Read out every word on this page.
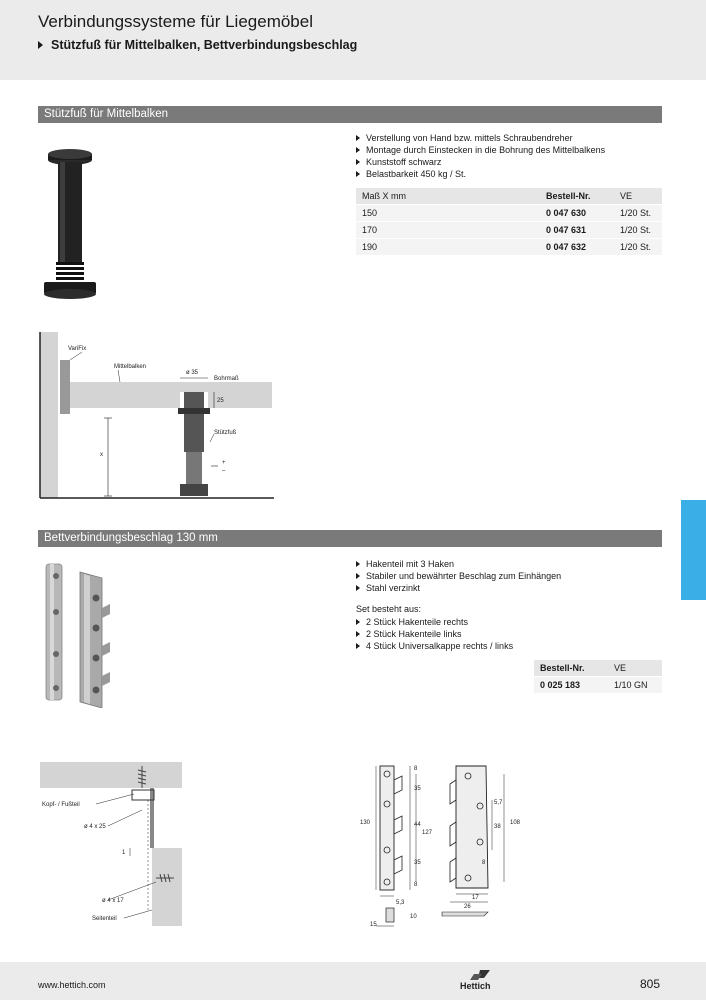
Verbindungssysteme für Liegemöbel
Stützfuß für Mittelbalken, Bettverbindungsbeschlag
Stützfuß für Mittelbalken
Verstellung von Hand bzw. mittels Schraubendreher
Montage durch Einstecken in die Bohrung des Mittelbalkens
Kunststoff schwarz
Belastbarkeit 450 kg / St.
Maß X mm	Bestell-Nr.	VE
150	0 047 630	1/20 St.
170	0 047 631	1/20 St.
190	0 047 632	1/20 St.
VariFix
Mittelbalken
ø 35
Bohrmaß
25
Stützfuß
x
+
–
Bettverbindungsbeschlag 130 mm
Hakenteil mit 3 Haken
Stabiler und bewährter Beschlag zum Einhängen
Stahl verzinkt
Set besteht aus:
2 Stück Hakenteile rechts
2 Stück Hakenteile links
4 Stück Universalkappe rechts / links
Bestell-Nr.	VE
0 025 183	1/10 GN
Kopf- / Fußteil
ø 4 x 25
1
ø 4 x 17
Seitenteil
8
35
130	44
127
35
8
5,3
10
15
5,7
38
108
8
17
26
www.hettich.com	Hettich	805
